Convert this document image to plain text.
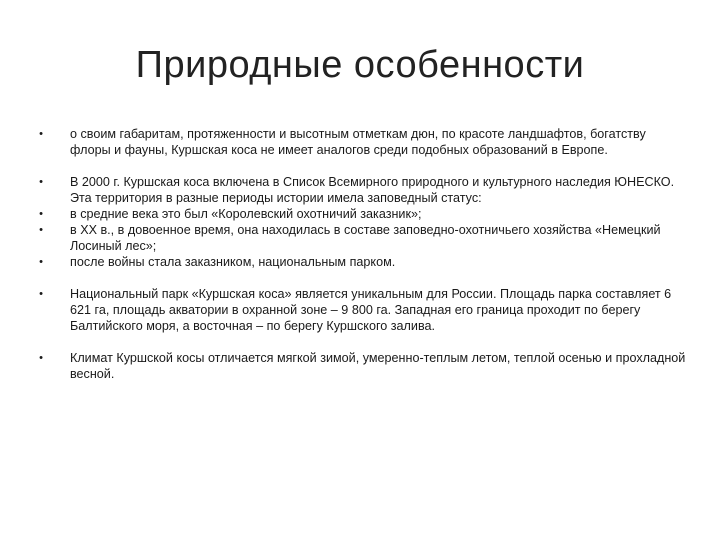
Природные особенности
• о своим габаритам, протяженности и высотным отметкам дюн, по красоте ландшафтов, богатству флоры и фауны, Куршская коса не имеет аналогов среди подобных образований в Европе.
• В 2000 г. Куршская коса включена в Список Всемирного природного и культурного наследия ЮНЕСКО. Эта территория в разные периоды истории имела заповедный статус:
• в средние века это был «Королевский охотничий заказник»;
• в ХХ в., в довоенное время, она находилась в составе заповедно-охотничьего хозяйства «Немецкий Лосиный лес»;
• после войны стала заказником, национальным парком.
• Национальный парк «Куршская коса» является уникальным для России. Площадь парка составляет 6 621 га, площадь акватории в охранной зоне – 9 800 га. Западная его граница проходит по берегу Балтийского моря, а восточная – по берегу Куршского залива.
• Климат Куршской косы отличается мягкой зимой, умеренно-теплым летом, теплой осенью и прохладной весной.
